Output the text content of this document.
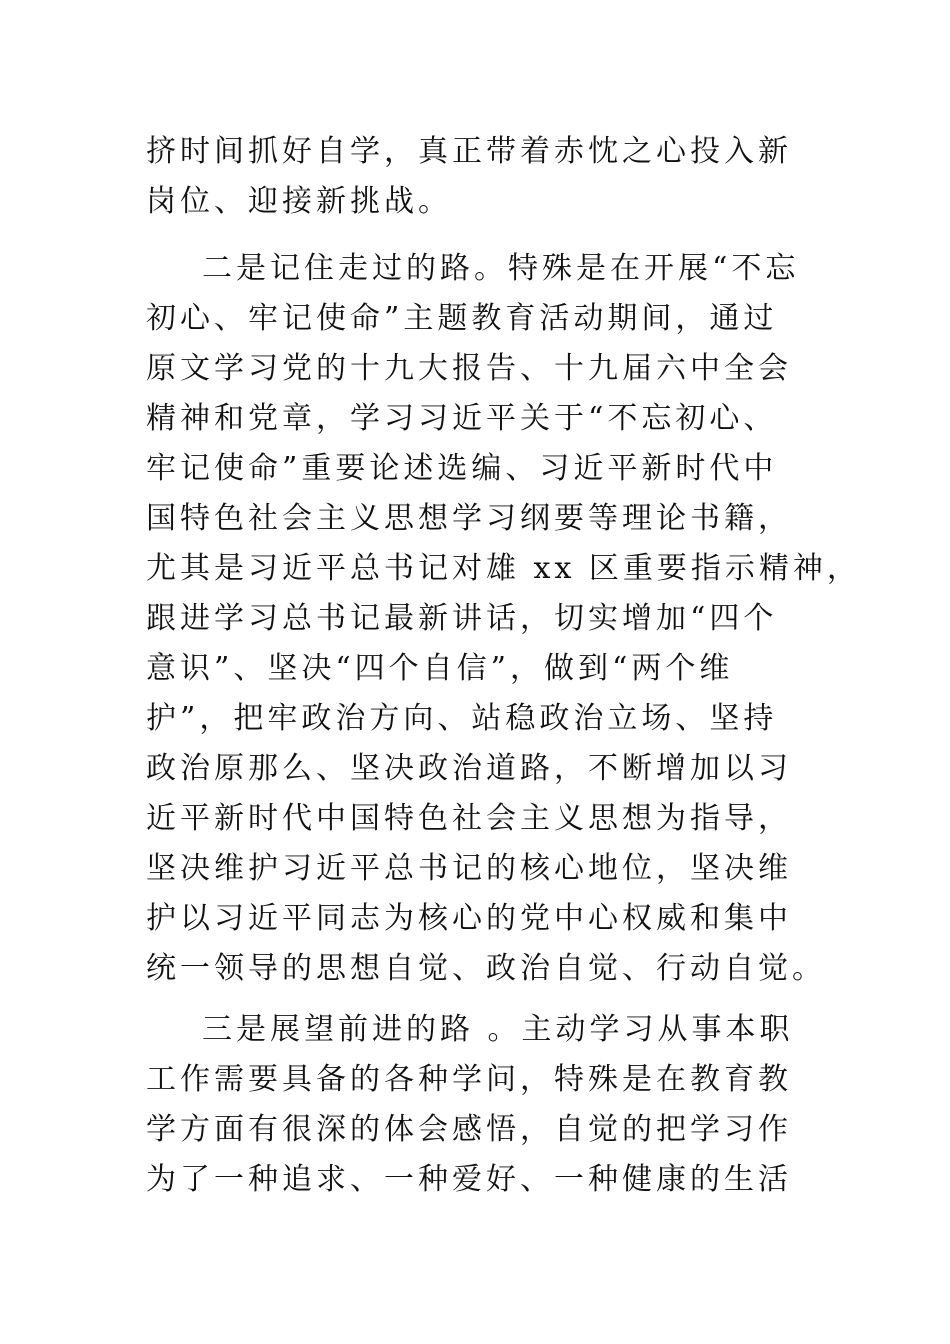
挤时间抓好自学，真正带着赤忱之心投入新
岗位、迎接新挑战。
二是记住走过的路。特殊是在开展“不忘
初心、牢记使命”主题教育活动期间，通过
原文学习党的十九大报告、十九届六中全会
精神和党章，学习习近平关于“不忘初心、
牢记使命”重要论述选编、习近平新时代中
国特色社会主义思想学习纲要等理论书籍，
尤其是习近平总书记对雄 xx 区重要指示精神，
跟进学习总书记最新讲话，切实增加“四个
意识”、坚决“四个自信”，做到“两个维
护”，把牢政治方向、站稳政治立场、坚持
政治原那么、坚决政治道路，不断增加以习
近平新时代中国特色社会主义思想为指导，
坚决维护习近平总书记的核心地位，坚决维
护以习近平同志为核心的党中心权威和集中
统一领导的思想自觉、政治自觉、行动自觉。
三是展望前进的路 。主动学习从事本职
工作需要具备的各种学问，特殊是在教育教
学方面有很深的体会感悟，自觉的把学习作
为了一种追求、一种爱好、一种健康的生活
